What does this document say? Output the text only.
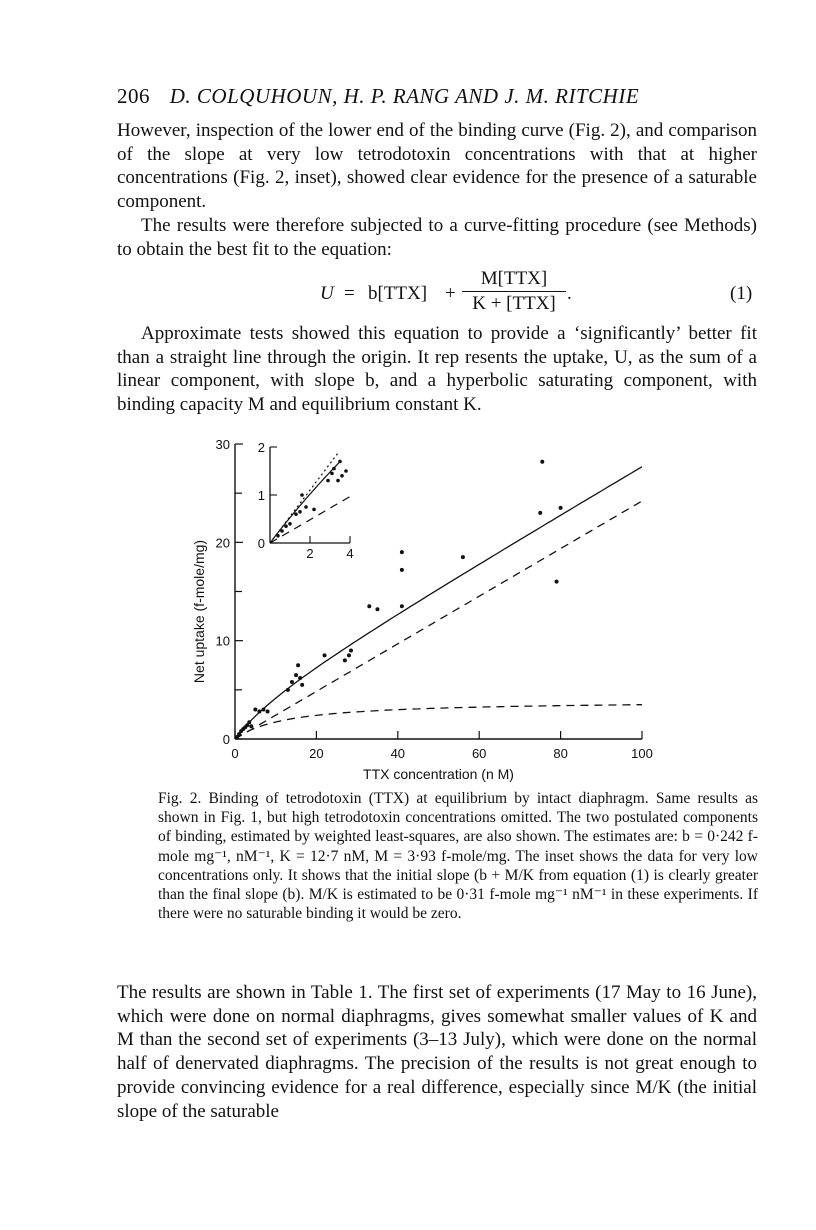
206 D. COLQUHOUN, H. P. RANG AND J. M. RITCHIE
However, inspection of the lower end of the binding curve (Fig. 2), and comparison of the slope at very low tetrodotoxin concentrations with that at higher concentrations (Fig. 2, inset), showed clear evidence for the presence of a saturable component.
The results were therefore subjected to a curve-fitting procedure (see Methods) to obtain the best fit to the equation:
U = b[TTX] +
M[TTX]
K + [TTX] .	(1)
Approximate tests showed this equation to provide a ‘significantly’ better fit than a straight line through the origin. It rep resents the uptake, U, as the sum of a linear component, with slope b, and a hyperbolic saturating component, with binding capacity M and equilibrium constant K.
0	20	40	60	80	100
0
10
20
30
TTX concentration (n M)
Net uptake (f-mole/mg)	0
1
2
2	4
Fig. 2. Binding of tetrodotoxin (TTX) at equilibrium by intact diaphragm. Same results as shown in Fig. 1, but high tetrodotoxin concentrations omitted. The two postulated components of binding, estimated by weighted least-squares, are also shown. The estimates are: b = 0·242 f-mole mg⁻¹, nM⁻¹, K = 12·7 nM, M = 3·93 f-mole/mg. The inset shows the data for very low concentrations only. It shows that the initial slope (b + M/K from equation (1) is clearly greater than the final slope (b). M/K is estimated to be 0·31 f-mole mg⁻¹ nM⁻¹ in these experiments. If there were no saturable binding it would be zero.
The results are shown in Table 1. The first set of experiments (17 May to 16 June), which were done on normal diaphragms, gives somewhat smaller values of K and M than the second set of experiments (3–13 July), which were done on the normal half of denervated diaphragms. The precision of the results is not great enough to provide convincing evidence for a real difference, especially since M/K (the initial slope of the saturable
